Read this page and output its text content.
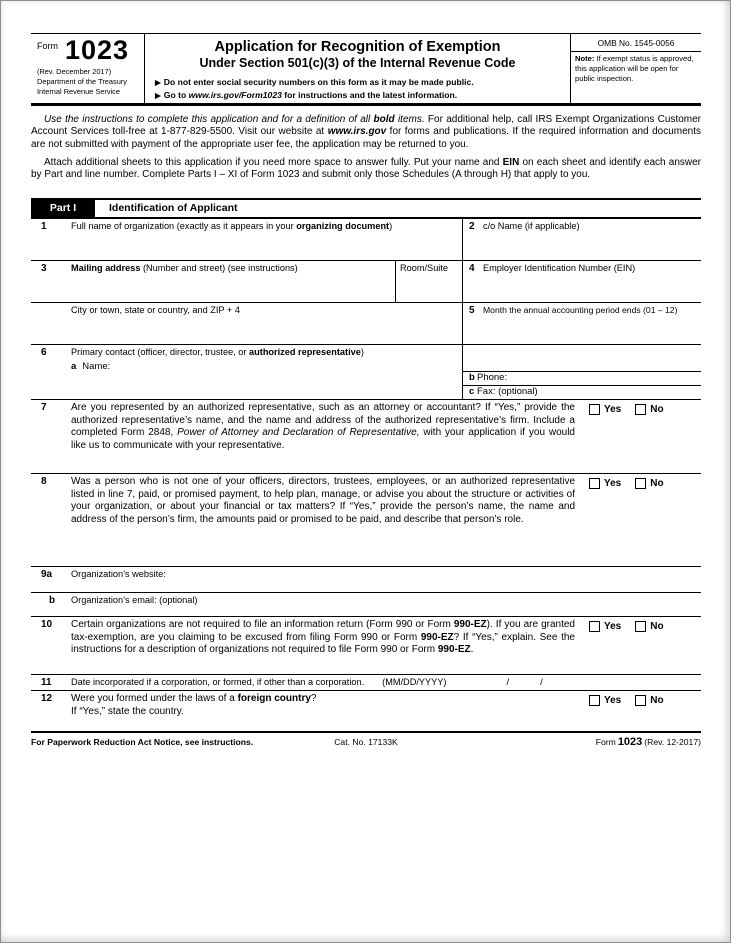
Form 1023
(Rev. December 2017)
Department of the Treasury
Internal Revenue Service
Application for Recognition of Exemption
Under Section 501(c)(3) of the Internal Revenue Code
▶ Do not enter social security numbers on this form as it may be made public.
▶ Go to www.irs.gov/Form1023 for instructions and the latest information.
OMB No. 1545-0056
Note: If exempt status is approved, this application will be open for public inspection.

Use the instructions to complete this application and for a definition of all bold items. For additional help, call IRS Exempt Organizations Customer Account Services toll-free at 1-877-829-5500. Visit our website at www.irs.gov for forms and publications. If the required information and documents are not submitted with payment of the appropriate user fee, the application may be returned to you.

Attach additional sheets to this application if you need more space to answer fully. Put your name and EIN on each sheet and identify each answer by Part and line number. Complete Parts I – XI of Form 1023 and submit only those Schedules (A through H) that apply to you.

Part I	Identification of Applicant
1	Full name of organization (exactly as it appears in your organizing document)	2 c/o Name (if applicable)
3	Mailing address (Number and street) (see instructions)	Room/Suite	4 Employer Identification Number (EIN)
City or town, state or country, and ZIP + 4	5 Month the annual accounting period ends (01 – 12)
6	Primary contact (officer, director, trustee, or authorized representative)
a Name:
b Phone:
c Fax: (optional)
7	Are you represented by an authorized representative, such as an attorney or accountant? If “Yes,” provide the authorized representative’s name, and the name and address of the authorized representative’s firm. Include a completed Form 2848, Power of Attorney and Declaration of Representative, with your application if you would like us to communicate with your representative.
Yes	No
8	Was a person who is not one of your officers, directors, trustees, employees, or an authorized representative listed in line 7, paid, or promised payment, to help plan, manage, or advise you about the structure or activities of your organization, or about your financial or tax matters? If “Yes,” provide the person’s name, the name and address of the person’s firm, the amounts paid or promised to be paid, and describe that person’s role.
Yes	No
9a	Organization’s website:
b	Organization’s email: (optional)
10	Certain organizations are not required to file an information return (Form 990 or Form 990-EZ). If you are granted tax-exemption, are you claiming to be excused from filing Form 990 or Form 990-EZ? If “Yes,” explain. See the instructions for a description of organizations not required to file Form 990 or Form 990-EZ.
Yes	No
11	Date incorporated if a corporation, or formed, if other than a corporation.	(MM/DD/YYYY)	/	/
12	Were you formed under the laws of a foreign country?
If “Yes,” state the country.
Yes	No
For Paperwork Reduction Act Notice, see instructions.	Cat. No. 17133K	Form 1023 (Rev. 12-2017)
